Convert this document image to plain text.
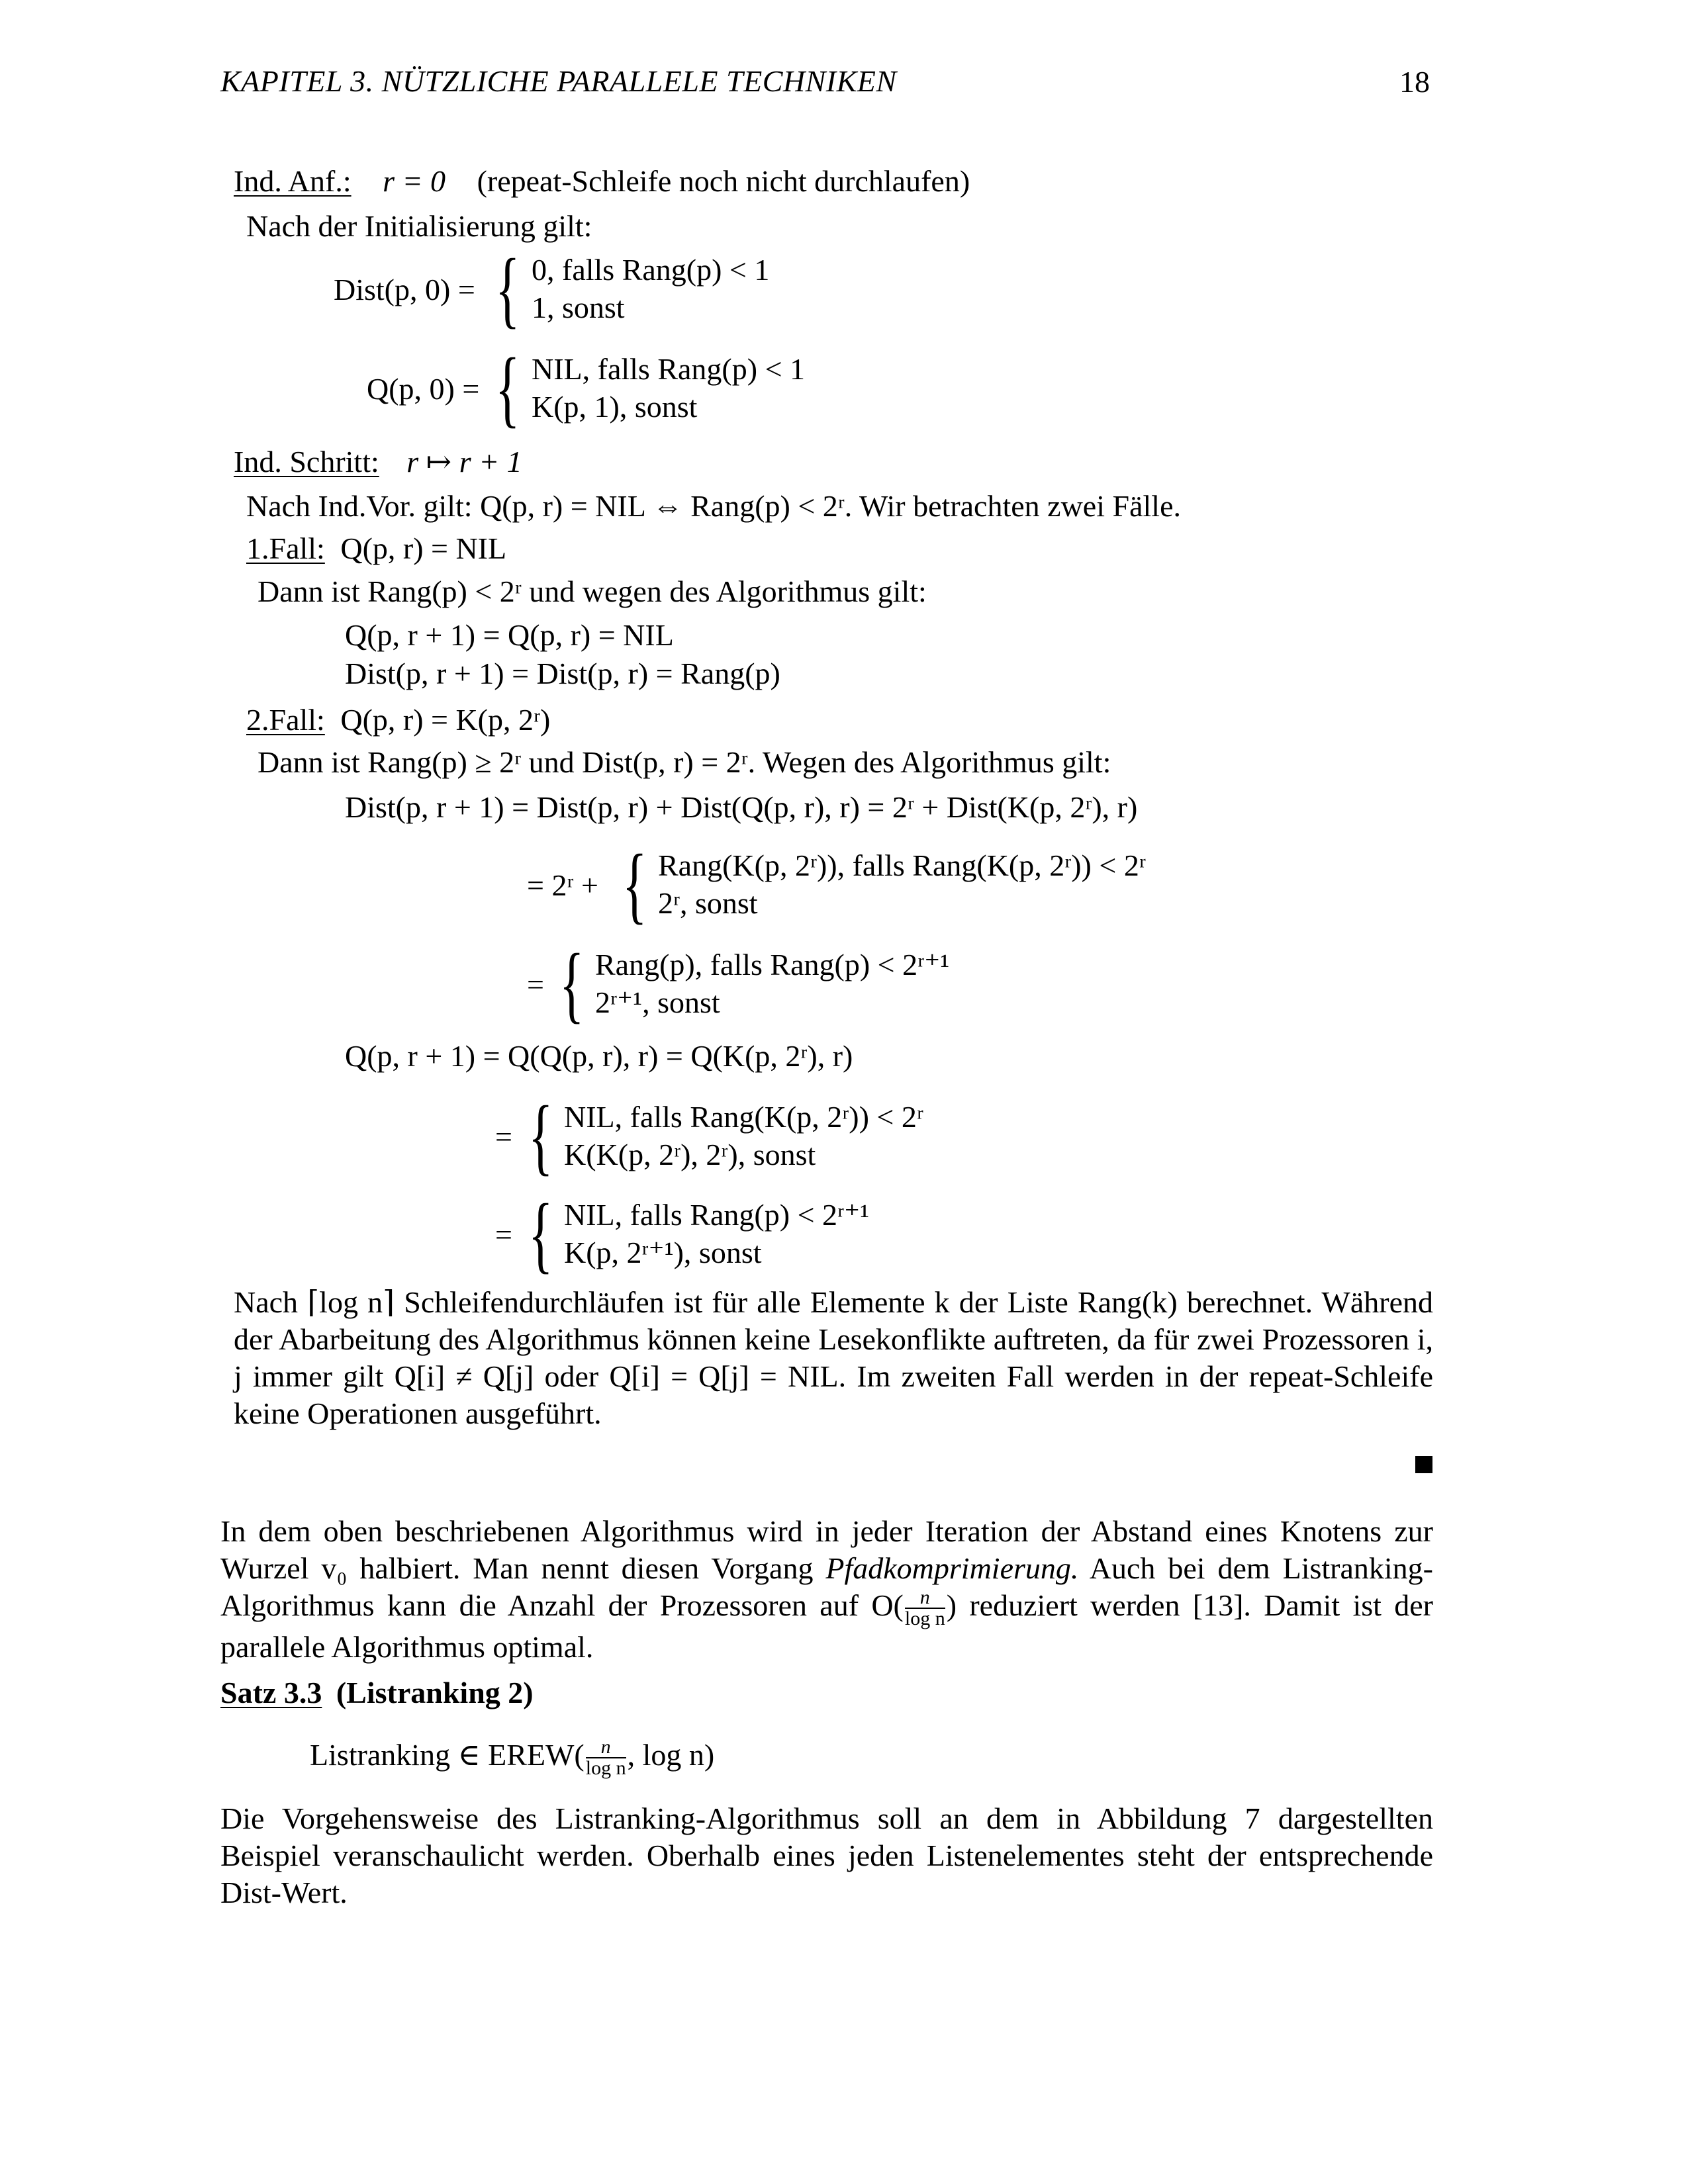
KAPITEL 3. NÜTZLICHE PARALLELE TECHNIKEN	18
Ind. Anf.: r = 0 (repeat-Schleife noch nicht durchlaufen)
Nach der Initialisierung gilt:
Dist(p, 0) = { 0, falls Rang(p) < 1
1, sonst
Q(p, 0) = { NIL, falls Rang(p) < 1
K(p, 1), sonst
Ind. Schritt: r ↦ r + 1
Nach Ind.Vor. gilt: Q(p, r) = NIL ⇔ Rang(p) < 2ʳ. Wir betrachten zwei Fälle.
1.Fall: Q(p, r) = NIL
Dann ist Rang(p) < 2ʳ und wegen des Algorithmus gilt:
Q(p, r + 1) = Q(p, r) = NIL
Dist(p, r + 1) = Dist(p, r) = Rang(p)
2.Fall: Q(p, r) = K(p, 2ʳ)
Dann ist Rang(p) ≥ 2ʳ und Dist(p, r) = 2ʳ. Wegen des Algorithmus gilt:
Dist(p, r + 1) = Dist(p, r) + Dist(Q(p, r), r) = 2ʳ + Dist(K(p, 2ʳ), r)
= 2ʳ + { Rang(K(p, 2ʳ)), falls Rang(K(p, 2ʳ)) < 2ʳ
2ʳ, sonst
= { Rang(p), falls Rang(p) < 2ʳ⁺¹
2ʳ⁺¹, sonst
Q(p, r + 1) = Q(Q(p, r), r) = Q(K(p, 2ʳ), r)
= { NIL, falls Rang(K(p, 2ʳ)) < 2ʳ
K(K(p, 2ʳ), 2ʳ), sonst
= { NIL, falls Rang(p) < 2ʳ⁺¹
K(p, 2ʳ⁺¹), sonst
Nach ⌈log n⌉ Schleifendurchläufen ist für alle Elemente k der Liste Rang(k) berechnet. Während der Abarbeitung des Algorithmus können keine Lesekonflikte auftreten, da für zwei Prozessoren i, j immer gilt Q[i] ≠ Q[j] oder Q[i] = Q[j] = NIL. Im zweiten Fall werden in der repeat-Schleife keine Operationen ausgeführt.
In dem oben beschriebenen Algorithmus wird in jeder Iteration der Abstand eines Knotens zur Wurzel v₀ halbiert. Man nennt diesen Vorgang Pfadkomprimierung. Auch bei dem Listranking-Algorithmus kann die Anzahl der Prozessoren auf $O( \frac{n}{\text{log n}}$ ) reduziert werden [13]. Damit ist der parallele Algorithmus optimal.
Satz 3.3 (Listranking 2)
Listranking ∈ EREW( $\frac{n}{\text{log n}}$ , log n)
Die Vorgehensweise des Listranking-Algorithmus soll an dem in Abbildung 7 dargestellten Beispiel veranschaulicht werden. Oberhalb eines jeden Listenelementes steht der entsprechende Dist-Wert.
